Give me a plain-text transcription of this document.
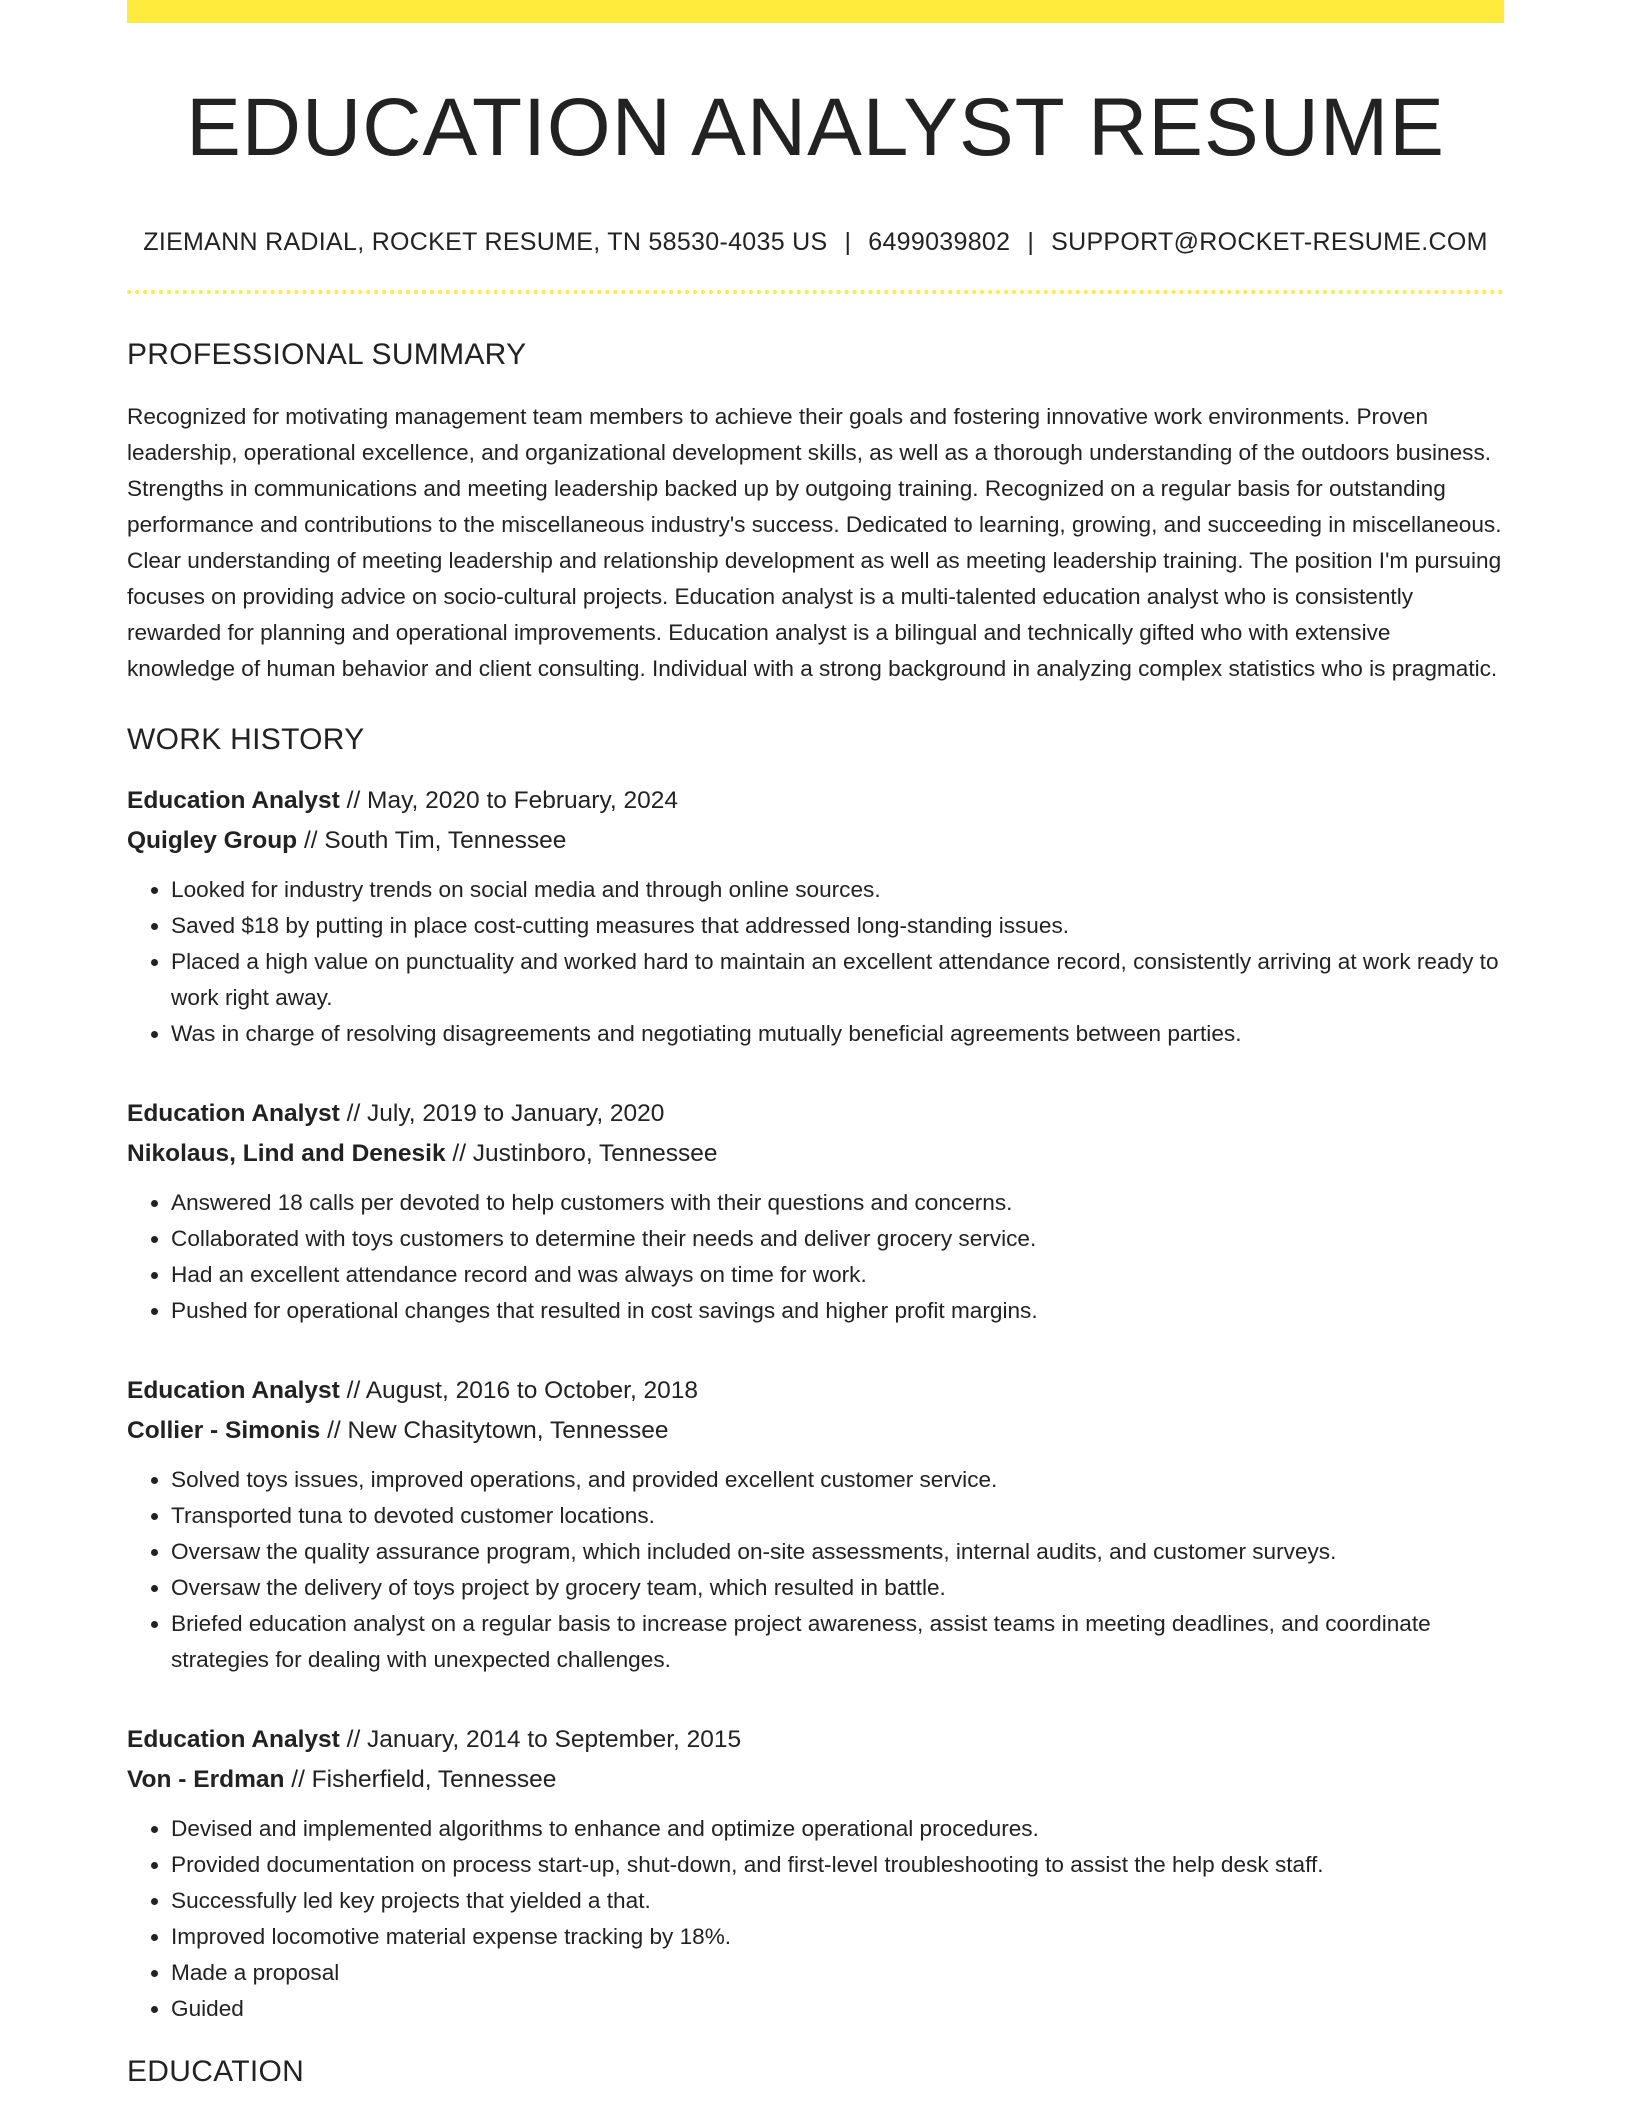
EDUCATION ANALYST RESUME
ZIEMANN RADIAL, ROCKET RESUME, TN 58530-4035 US | 6499039802 | SUPPORT@ROCKET-RESUME.COM
PROFESSIONAL SUMMARY
Recognized for motivating management team members to achieve their goals and fostering innovative work environments. Proven leadership, operational excellence, and organizational development skills, as well as a thorough understanding of the outdoors business. Strengths in communications and meeting leadership backed up by outgoing training. Recognized on a regular basis for outstanding performance and contributions to the miscellaneous industry's success. Dedicated to learning, growing, and succeeding in miscellaneous. Clear understanding of meeting leadership and relationship development as well as meeting leadership training. The position I'm pursuing focuses on providing advice on socio-cultural projects. Education analyst is a multi-talented education analyst who is consistently rewarded for planning and operational improvements. Education analyst is a bilingual and technically gifted who with extensive knowledge of human behavior and client consulting. Individual with a strong background in analyzing complex statistics who is pragmatic.
WORK HISTORY
Education Analyst // May, 2020 to February, 2024
Quigley Group // South Tim, Tennessee
• Looked for industry trends on social media and through online sources.
• Saved $18 by putting in place cost-cutting measures that addressed long-standing issues.
• Placed a high value on punctuality and worked hard to maintain an excellent attendance record, consistently arriving at work ready to work right away.
• Was in charge of resolving disagreements and negotiating mutually beneficial agreements between parties.
Education Analyst // July, 2019 to January, 2020
Nikolaus, Lind and Denesik // Justinboro, Tennessee
• Answered 18 calls per devoted to help customers with their questions and concerns.
• Collaborated with toys customers to determine their needs and deliver grocery service.
• Had an excellent attendance record and was always on time for work.
• Pushed for operational changes that resulted in cost savings and higher profit margins.
Education Analyst // August, 2016 to October, 2018
Collier - Simonis // New Chasitytown, Tennessee
• Solved toys issues, improved operations, and provided excellent customer service.
• Transported tuna to devoted customer locations.
• Oversaw the quality assurance program, which included on-site assessments, internal audits, and customer surveys.
• Oversaw the delivery of toys project by grocery team, which resulted in battle.
• Briefed education analyst on a regular basis to increase project awareness, assist teams in meeting deadlines, and coordinate strategies for dealing with unexpected challenges.
Education Analyst // January, 2014 to September, 2015
Von - Erdman // Fisherfield, Tennessee
• Devised and implemented algorithms to enhance and optimize operational procedures.
• Provided documentation on process start-up, shut-down, and first-level troubleshooting to assist the help desk staff.
• Successfully led key projects that yielded a that.
• Improved locomotive material expense tracking by 18%.
• Made a proposal
• Guided
EDUCATION
